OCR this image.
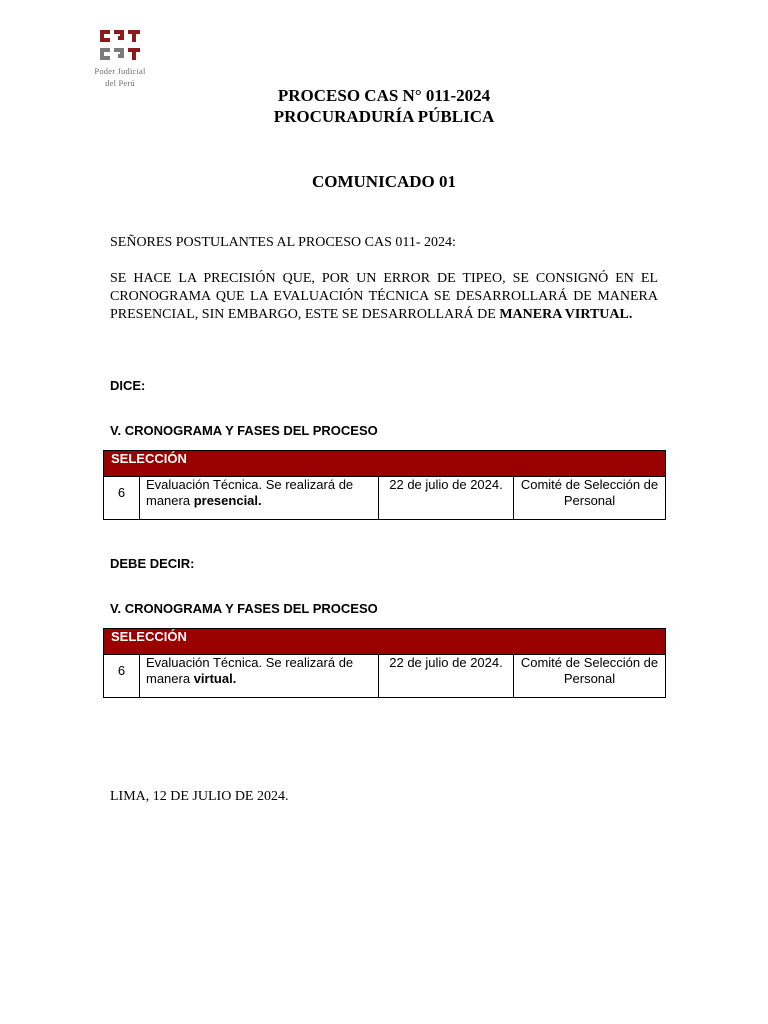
Poder Judicial
del Perú
PROCESO CAS N° 011-2024
PROCURADURÍA PÚBLICA
COMUNICADO 01
SEÑORES POSTULANTES AL PROCESO CAS 011- 2024:
SE HACE LA PRECISIÓN QUE, POR UN ERROR DE TIPEO, SE CONSIGNÓ EN EL CRONOGRAMA QUE LA EVALUACIÓN TÉCNICA SE DESARROLLARÁ DE MANERA PRESENCIAL, SIN EMBARGO, ESTE SE DESARROLLARÁ DE MANERA VIRTUAL.
DICE:
V. CRONOGRAMA Y FASES DEL PROCESO
SELECCIÓN

6	Evaluación Técnica. Se realizará de manera presencial.	22 de julio de 2024.	Comité de Selección de Personal
DEBE DECIR:
V. CRONOGRAMA Y FASES DEL PROCESO
SELECCIÓN

6	Evaluación Técnica. Se realizará de manera virtual.	22 de julio de 2024.	Comité de Selección de Personal
LIMA, 12 DE JULIO DE 2024.
